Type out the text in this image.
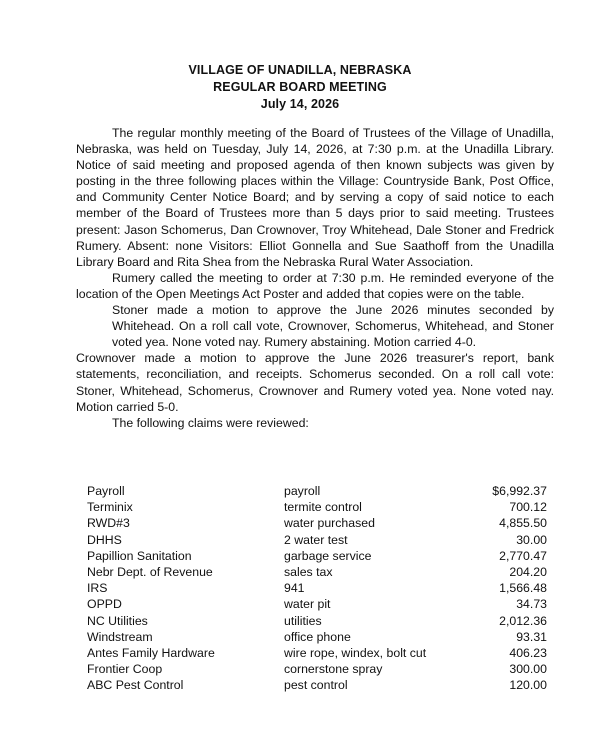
VILLAGE OF UNADILLA, NEBRASKA
REGULAR BOARD MEETING
July 14, 2026

The regular monthly meeting of the Board of Trustees of the Village of Unadilla, Nebraska, was held on Tuesday, July 14, 2026, at 7:30 p.m. at the Unadilla Library. Notice of said meeting and proposed agenda of then known subjects was given by posting in the three following places within the Village: Countryside Bank, Post Office, and Community Center Notice Board; and by serving a copy of said notice to each member of the Board of Trustees more than 5 days prior to said meeting. Trustees present: Jason Schomerus, Dan Crownover, Troy Whitehead, Dale Stoner and Fredrick Rumery. Absent: none Visitors: Elliot Gonnella and Sue Saathoff from the Unadilla Library Board and Rita Shea from the Nebraska Rural Water Association.

Rumery called the meeting to order at 7:30 p.m. He reminded everyone of the location of the Open Meetings Act Poster and added that copies were on the table.

Stoner made a motion to approve the June 2026 minutes seconded by Whitehead. On a roll call vote, Crownover, Schomerus, Whitehead, and Stoner voted yea. None voted nay. Rumery abstaining. Motion carried 4-0.

Crownover made a motion to approve the June 2026 treasurer's report, bank statements, reconciliation, and receipts. Schomerus seconded. On a roll call vote: Stoner, Whitehead, Schomerus, Crownover and Rumery voted yea. None voted nay. Motion carried 5-0.

The following claims were reviewed:

Payroll	payroll	$6,992.37
Terminix	termite control	700.12
RWD#3	water purchased	4,855.50
DHHS	2 water test	30.00
Papillion Sanitation	garbage service	2,770.47
Nebr Dept. of Revenue	sales tax	204.20
IRS	941	1,566.48
OPPD	water pit	34.73
NC Utilities	utilities	2,012.36
Windstream	office phone	93.31
Antes Family Hardware	wire rope, windex, bolt cut	406.23
Frontier Coop	cornerstone spray	300.00
ABC Pest Control	pest control	120.00
